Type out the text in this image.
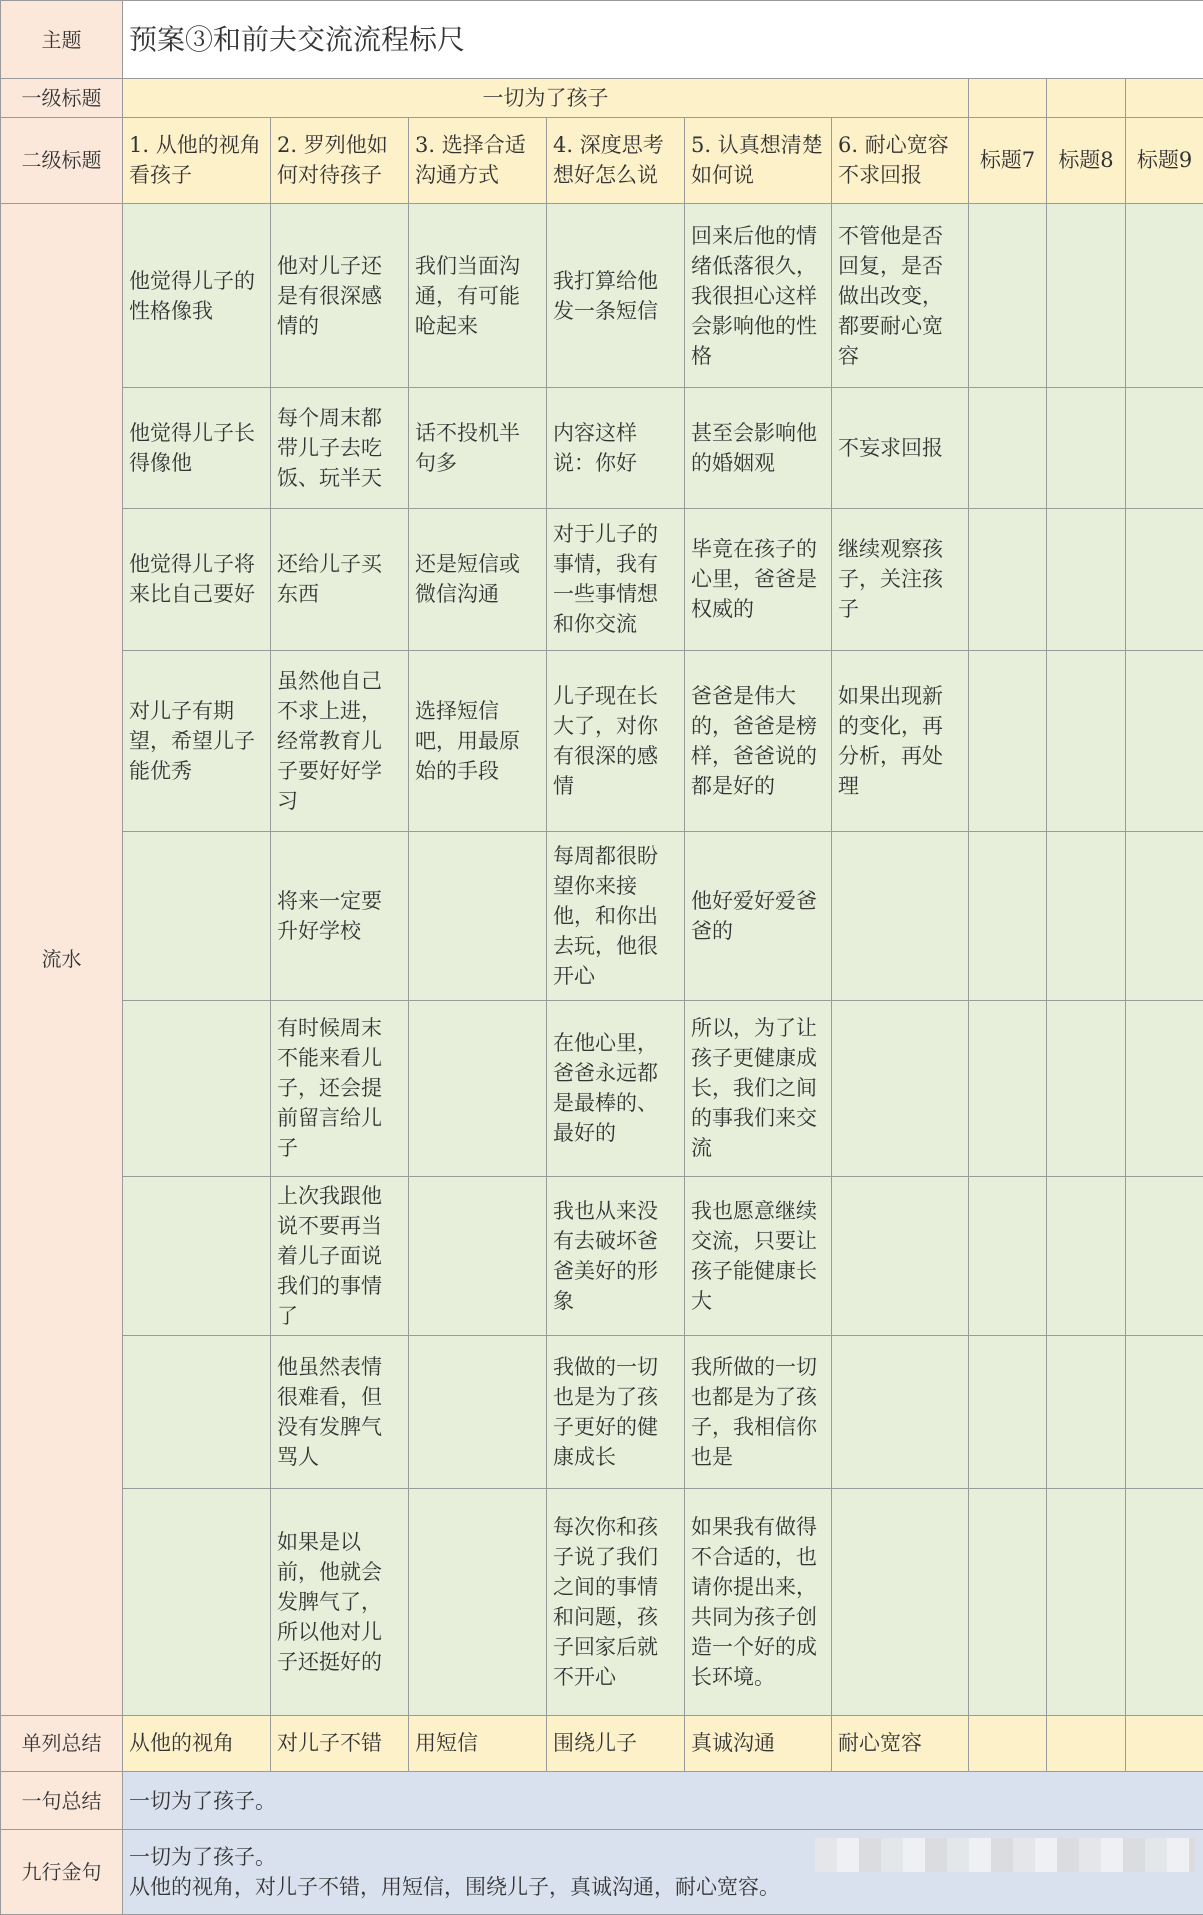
主题	预案③和前夫交流流程标尺								
一级标题	一切为了孩子								
二级标题	1. 从他的视角看孩子	2. 罗列他如何对待孩子	3. 选择合适沟通方式	4. 深度思考想好怎么说	5. 认真想清楚如何说	6. 耐心宽容不求回报	标题7	标题8	标题9
流水	他觉得儿子的性格像我	他对儿子还是有很深感情的	我们当面沟通，有可能呛起来	我打算给他发一条短信	回来后他的情绪低落很久，我很担心这样会影响他的性格	不管他是否回复，是否做出改变，都要耐心宽容			
	他觉得儿子长得像他	每个周末都带儿子去吃饭、玩半天	话不投机半句多	内容这样说：你好	甚至会影响他的婚姻观	不妄求回报			
	他觉得儿子将来比自己要好	还给儿子买东西	还是短信或微信沟通	对于儿子的事情，我有一些事情想和你交流	毕竟在孩子的心里，爸爸是权威的	继续观察孩子，关注孩子			
	对儿子有期望，希望儿子能优秀	虽然他自己不求上进，经常教育儿子要好好学习	选择短信吧，用最原始的手段	儿子现在长大了，对你有很深的感情	爸爸是伟大的，爸爸是榜样，爸爸说的都是好的	如果出现新的变化，再分析，再处理			
		将来一定要升好学校		每周都很盼望你来接他，和你出去玩，他很开心	他好爱好爱爸爸的				
		有时候周末不能来看儿子，还会提前留言给儿子		在他心里，爸爸永远都是最棒的、最好的	所以，为了让孩子更健康成长，我们之间的事我们来交流				
		上次我跟他说不要再当着儿子面说我们的事情了		我也从来没有去破坏爸爸美好的形象	我也愿意继续交流，只要让孩子能健康长大				
		他虽然表情很难看，但没有发脾气骂人		我做的一切也是为了孩子更好的健康成长	我所做的一切也都是为了孩子，我相信你也是				
		如果是以前，他就会发脾气了，所以他对儿子还挺好的		每次你和孩子说了我们之间的事情和问题，孩子回家后就不开心	如果我有做得不合适的，也请你提出来，共同为孩子创造一个好的成长环境。				
单列总结	从他的视角	对儿子不错	用短信	围绕儿子	真诚沟通	耐心宽容			
一句总结	一切为了孩子。								
九行金句	一切为了孩子。
从他的视角，对儿子不错，用短信，围绕儿子，真诚沟通，耐心宽容。								
